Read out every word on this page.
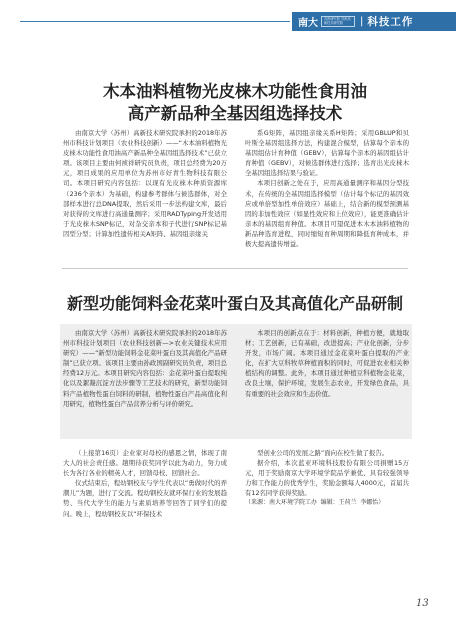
南大	苏州研究院 苏州高新技术研究院	| 科技工作
木本油料植物光皮梾木功能性食用油
高产新品种全基因组选择技术

由南京大学（苏州）高新技术研究院承担的2018年苏州市科技计划项目（农业科技创新）——“木本油料植物光皮梾木功能性食用油高产新品种全基因组选择技术”已获立项。该项目主要由何祯祥研究员负责，项目总经费为20万元，项目成果的应用单位为苏州市好青生物科技有限公司。本项目研究内容包括：以现有光皮梾木种质资源库（236个亲本）为基础，构建参考群体与候选群体，对全部样本进行总DNA提取，然后采用一步法构建文库，最后对获得的文库进行高通量测序；采用RADTyping开发适用于光皮梾木SNP标记，对杂交亲本和子代进行SNP标记基因型分型；计算加性遗传相关A矩阵、基因组亲缘关

系G矩阵，基因组亲缘关系H矩阵；采用GBLUP和贝叶斯全基因组选择方法，构建混合模型，估算每个亲本的基因组估计育种值（GEBV），估算每个亲本的基因组估计育种值（GEBV），对候选群体进行选择；选育出光皮梾木全基因组选择结果与验证。

本项目创新之处在于，应用高通量测序和基因分型技术，在传统的全基因组选择模型（估计每个标记的基因效应或单倍型加性单倍效应）基础上，结合新的模型预测基因的非加性效应（如显性效应和上位效应），能更准确估计亲本的基因组育种值。本项目可望促进本木本油料植物的新品种选育进程，同时缩短育种周期和降低育种成本，并极大提高遗传增益。

新型功能饲料金花菜叶蛋白及其高值化产品研制

由南京大学（苏州）高新技术研究院承担的2018年苏州市科技计划项目（农业科技创新—>农业关键技术应用研究）——“新型功能饲料金花菜叶蛋白及其高值化产品研制”已获立项。该项目主要由孙政国副研究员负责，项目总经费12万元。本项目研究内容包括：金花菜叶蛋白提取纯化以及絮凝沉淀方法步骤等工艺技术的研究，新型功能饲料产品植物性蛋白饲料的研制，植物性蛋白产品高值化利用研究，植物性蛋白产品营养分析与评价研究。

本项目的创新点在于：材料创新，种植方便，就地取材；工艺创新，已有基础，改进提高；产业化创新，分步开发，市场广阔。本项目通过金花菜叶蛋白提取的产业化，在扩大豆科牧草种植面积的同时，可促进农业相关种植结构的调整。此外，本项目通过种植豆科植物金花菜，改良土壤，保护环境，发展生态农业，开发绿色食品，具有重要的社会效应和生态价值。

（上接第16页）企业家对母校的感恩之情，体现了南大人的社会责任感。趟期待获奖同学以此为动力，努力成长为各行各业的精英人才，回馈母校、回馈社会。

仪式结束后，程幼钢校友与学生代表以“勇做时代的弄潮儿”为题，进行了交流。程幼钢校友就环保行业的发展趋势、当代大学生的能力与素质培养等回答了同学们的提问。晚上，程幼钢校友以“环保技术

型创业公司的发展之路”面向在校生做了报告。

据介绍，本次蓝亚环境科技股份有限公司捐赠15万元，用于奖励南京大学环境学院品学兼优、具有较强领导力和工作能力的优秀学生，奖励金额每人4000元，首届共有12名同学获得奖励。

（来源：南大环境学院工办 编辑：王荷兰 李娜怡）

13
